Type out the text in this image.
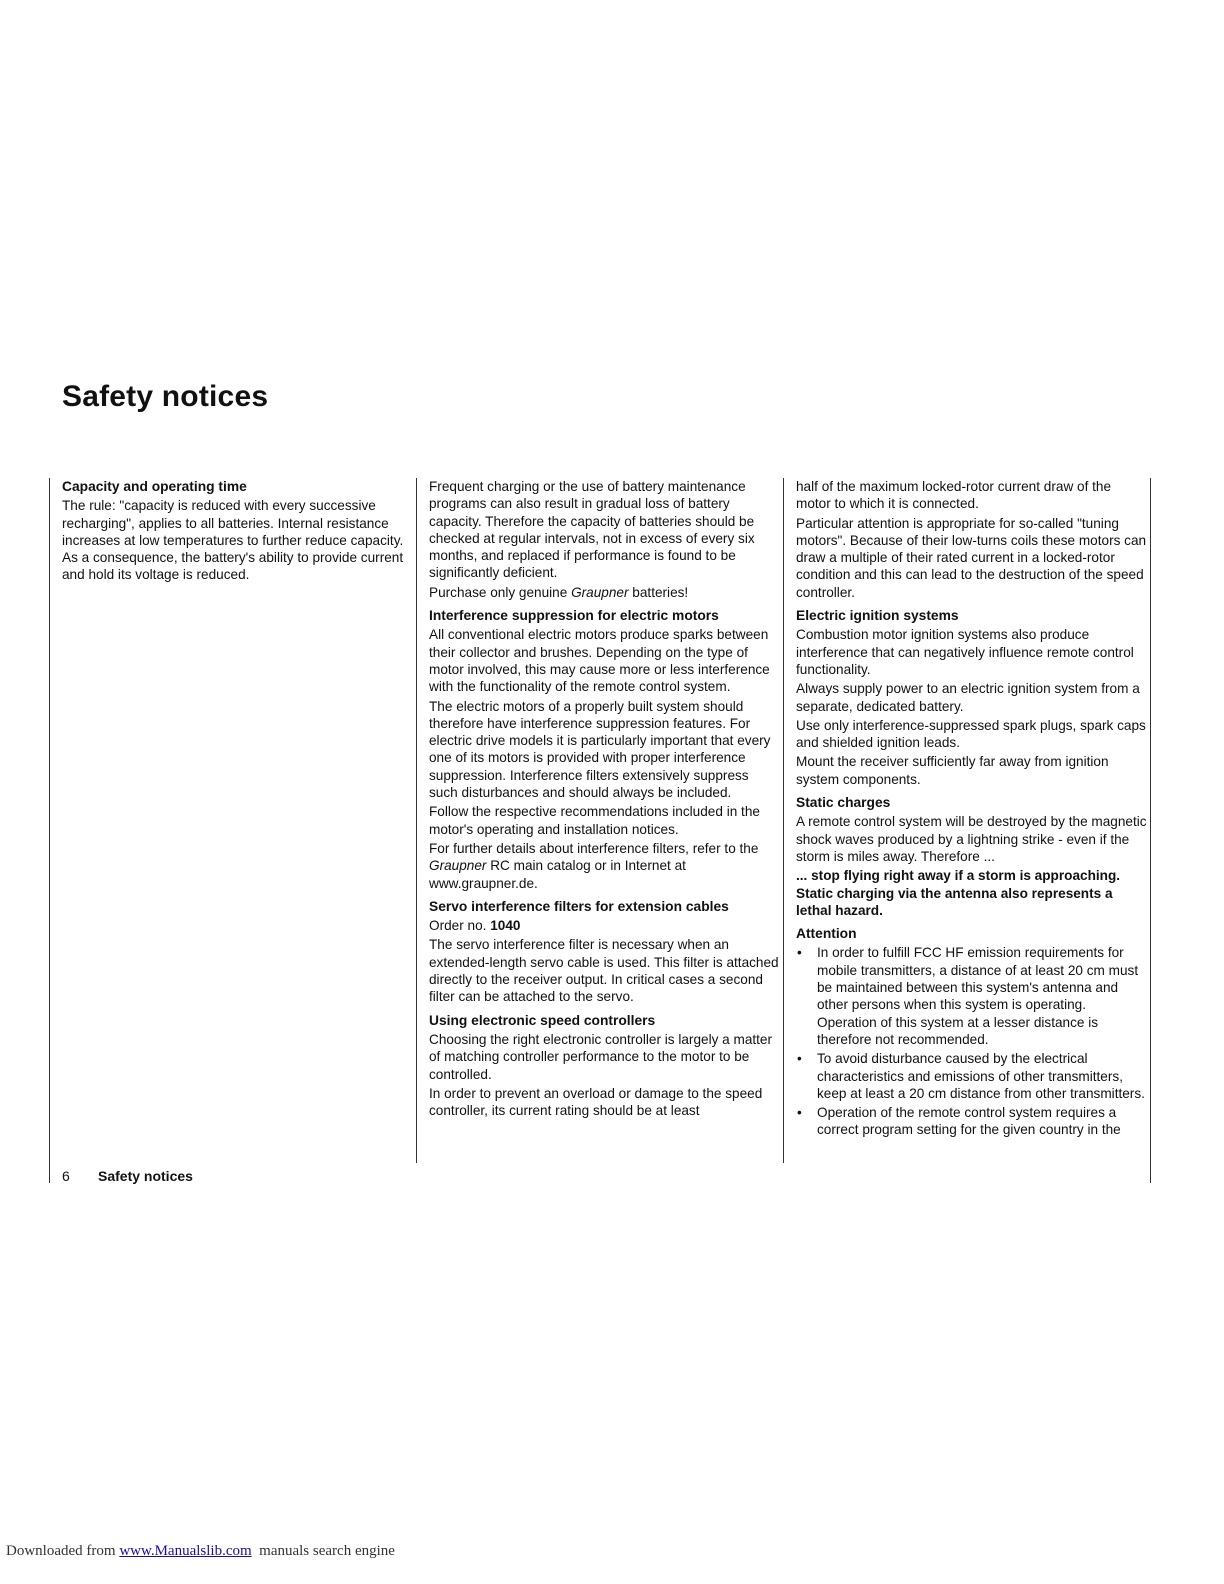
Safety notices
Capacity and operating time

The rule: "capacity is reduced with every successive recharging", applies to all batteries. Internal resistance increases at low temperatures to further reduce capacity. As a consequence, the battery's ability to provide current and hold its voltage is reduced.

Frequent charging or the use of battery maintenance programs can also result in gradual loss of battery capacity. Therefore the capacity of batteries should be checked at regular intervals, not in excess of every six months, and replaced if performance is found to be significantly deficient.

Purchase only genuine Graupner batteries!

Interference suppression for electric motors

All conventional electric motors produce sparks between their collector and brushes. Depending on the type of motor involved, this may cause more or less interference with the functionality of the remote control system.

The electric motors of a properly built system should therefore have interference suppression features. For electric drive models it is particularly important that every one of its motors is provided with proper interference suppression. Interference filters extensively suppress such disturbances and should always be included.

Follow the respective recommendations included in the motor's operating and installation notices.

For further details about interference filters, refer to the Graupner RC main catalog or in Internet at www.graupner.de.

Servo interference filters for extension cables

Order no. 1040

The servo interference filter is necessary when an extended-length servo cable is used. This filter is attached directly to the receiver output. In critical cases a second filter can be attached to the servo.

Using electronic speed controllers

Choosing the right electronic controller is largely a matter of matching controller performance to the motor to be controlled.

In order to prevent an overload or damage to the speed controller, its current rating should be at least

half of the maximum locked-rotor current draw of the motor to which it is connected.

Particular attention is appropriate for so-called "tuning motors". Because of their low-turns coils these motors can draw a multiple of their rated current in a locked-rotor condition and this can lead to the destruction of the speed controller.

Electric ignition systems

Combustion motor ignition systems also produce interference that can negatively influence remote control functionality.

Always supply power to an electric ignition system from a separate, dedicated battery.

Use only interference-suppressed spark plugs, spark caps and shielded ignition leads.

Mount the receiver sufficiently far away from ignition system components.

Static charges

A remote control system will be destroyed by the magnetic shock waves produced by a lightning strike - even if the storm is miles away. Therefore ...

... stop flying right away if a storm is approaching. Static charging via the antenna also represents a lethal hazard.

Attention
• In order to fulfill FCC HF emission requirements for mobile transmitters, a distance of at least 20 cm must be maintained between this system's antenna and other persons when this system is operating. Operation of this system at a lesser distance is therefore not recommended.
• To avoid disturbance caused by the electrical characteristics and emissions of other transmitters, keep at least a 20 cm distance from other transmitters.
• Operation of the remote control system requires a correct program setting for the given country in the
6 Safety notices
Downloaded from www.Manualslib.com  manuals search engine
